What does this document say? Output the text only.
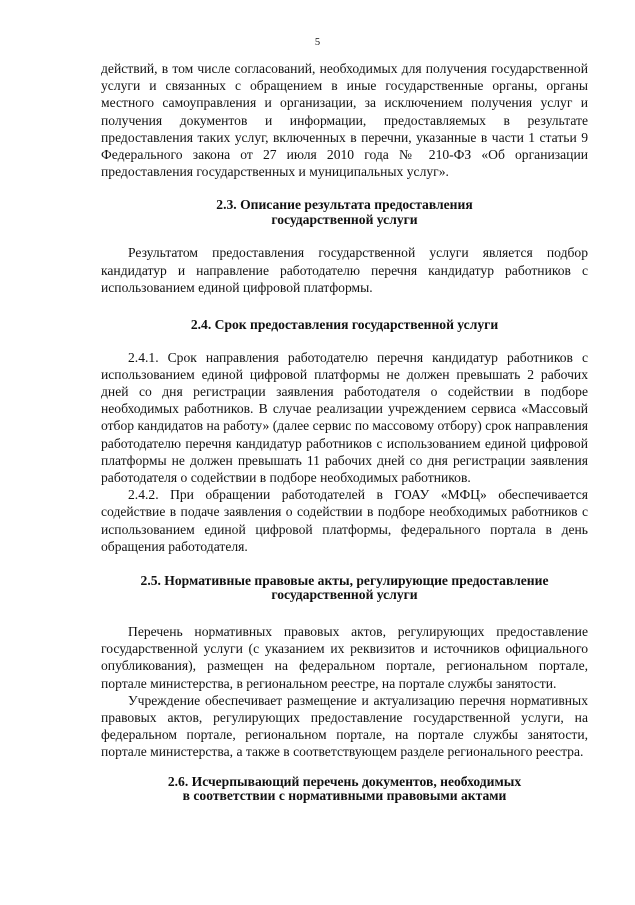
5

действий, в том числе согласований, необходимых для получения государственной услуги и связанных с обращением в иные государственные органы, органы местного самоуправления и организации, за исключением получения услуг и получения документов и информации, предоставляемых в результате предоставления таких услуг, включенных в перечни, указанные в части 1 статьи 9 Федерального закона от 27 июля 2010 года № 210-ФЗ «Об организации предоставления государственных и муниципальных услуг».

2.3. Описание результата предоставления
государственной услуги

Результатом предоставления государственной услуги является подбор кандидатур и направление работодателю перечня кандидатур работников с использованием единой цифровой платформы.

2.4. Срок предоставления государственной услуги

2.4.1. Срок направления работодателю перечня кандидатур работников с использованием единой цифровой платформы не должен превышать 2 рабочих дней со дня регистрации заявления работодателя о содействии в подборе необходимых работников. В случае реализации учреждением сервиса «Массовый отбор кандидатов на работу» (далее сервис по массовому отбору) срок направления работодателю перечня кандидатур работников с использованием единой цифровой платформы не должен превышать 11 рабочих дней со дня регистрации заявления работодателя о содействии в подборе необходимых работников.

2.4.2. При обращении работодателей в ГОАУ «МФЦ» обеспечивается содействие в подаче заявления о содействии в подборе необходимых работников с использованием единой цифровой платформы, федерального портала в день обращения работодателя.

2.5. Нормативные правовые акты, регулирующие предоставление
государственной услуги

Перечень нормативных правовых актов, регулирующих предоставление государственной услуги (с указанием их реквизитов и источников официального опубликования), размещен на федеральном портале, региональном портале, портале министерства, в региональном реестре, на портале службы занятости.

Учреждение обеспечивает размещение и актуализацию перечня нормативных правовых актов, регулирующих предоставление государственной услуги, на федеральном портале, региональном портале, на портале службы занятости, портале министерства, а также в соответствующем разделе регионального реестра.

2.6. Исчерпывающий перечень документов, необходимых
в соответствии с нормативными правовыми актами
